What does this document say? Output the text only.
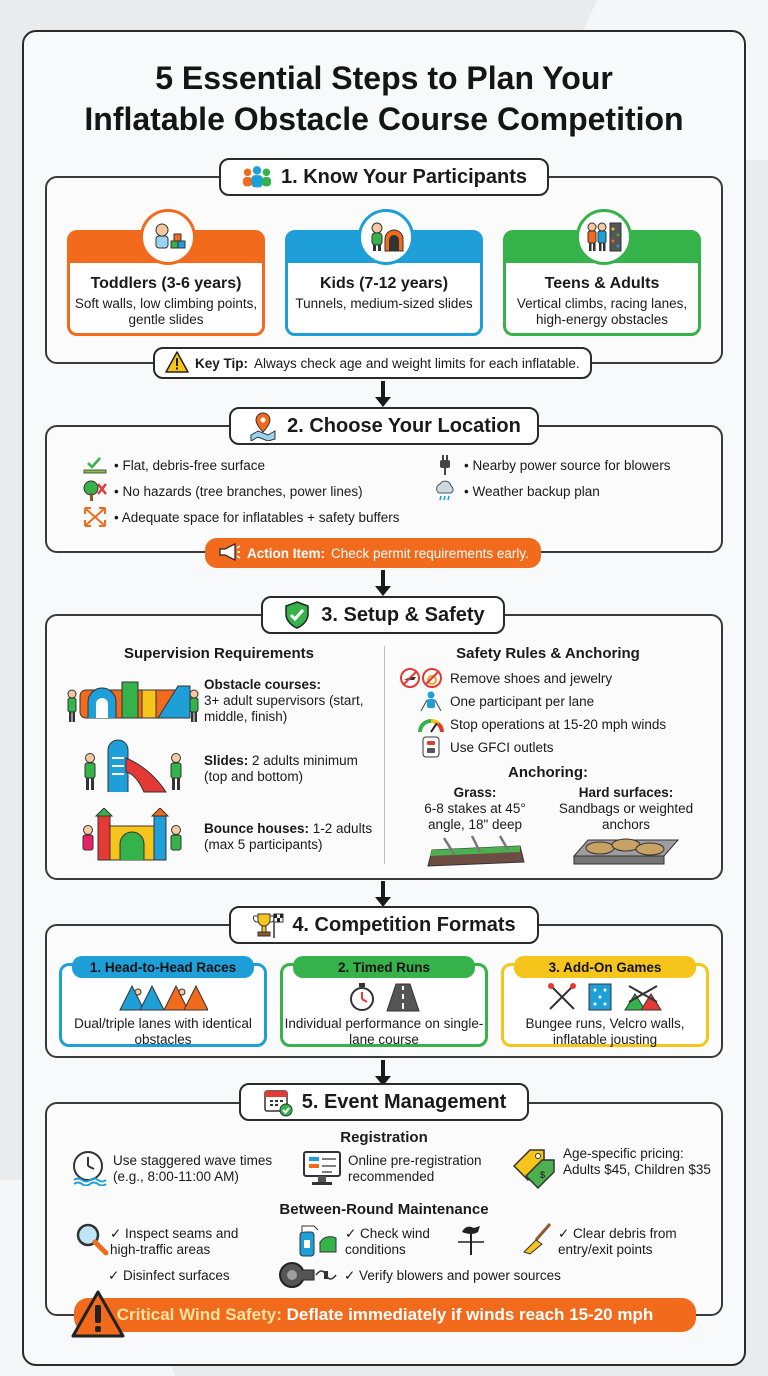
5 Essential Steps to Plan Your
Inflatable Obstacle Course Competition
1. Know Your Participants
Toddlers (3-6 years)

Soft walls, low climbing points, gentle slides

Kids (7-12 years)

Tunnels, medium-sized slides

Teens & Adults

Vertical climbs, racing lanes, high-energy obstacles

Key Tip: Always check age and weight limits for each inflatable.
2. Choose Your Location
• Flat, debris-free surface
• No hazards (tree branches, power lines)
• Adequate space for inflatables + safety buffers
• Nearby power source for blowers
• Weather backup plan
Action Item: Check permit requirements early.
3. Setup & Safety
Supervision Requirements
Obstacle courses:
3+ adult supervisors (start, middle, finish)
Slides: 2 adults minimum (top and bottom)
Bounce houses: 1-2 adults (max 5 participants)
Safety Rules & Anchoring
Remove shoes and jewelry
One participant per lane
Stop operations at 15-20 mph winds
Use GFCI outlets
Anchoring:
Grass:
6-8 stakes at 45° angle, 18" deep
Hard surfaces:
Sandbags or weighted anchors
4. Competition Formats
1. Head-to-Head Races

Dual/triple lanes with identical obstacles

2. Timed Runs

Individual performance on single-lane course

3. Add-On Games

Bungee runs, Velcro walls, inflatable jousting

5. Event Management
Registration
Use staggered wave times (e.g., 8:00-11:00 AM)
Online pre-registration recommended	$
Age-specific pricing: Adults $45, Children $35
Between-Round Maintenance
✓ Inspect seams and high-traffic areas
✓ Check wind conditions
✓ Clear debris from entry/exit points
✓ Disinfect surfaces	✓ Verify blowers and power sources
Critical Wind Safety:
Deflate immediately if winds reach 15-20 mph
